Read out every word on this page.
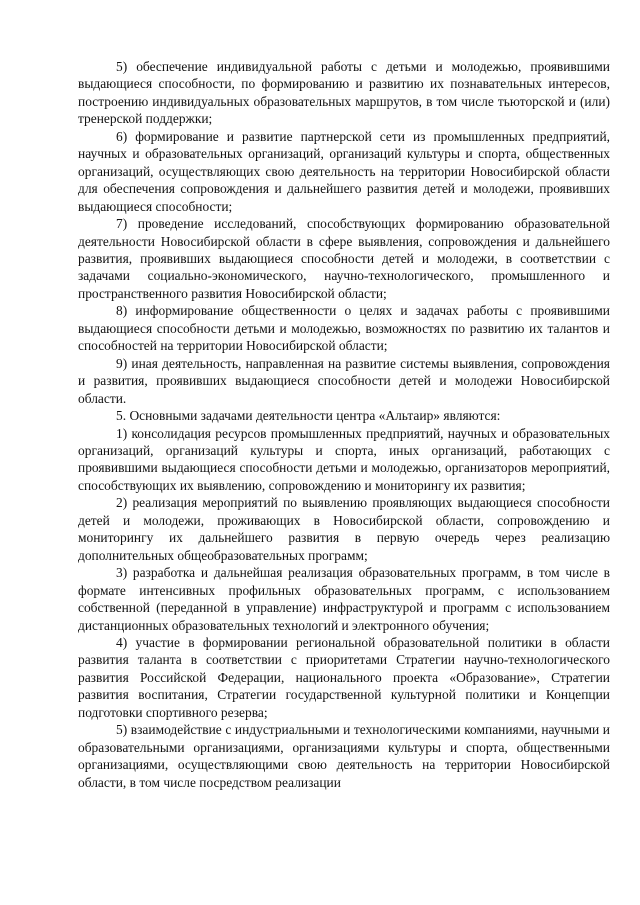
5) обеспечение индивидуальной работы с детьми и молодежью, проявившими выдающиеся способности, по формированию и развитию их познавательных интересов, построению индивидуальных образовательных маршрутов, в том числе тьюторской и (или) тренерской поддержки;

6) формирование и развитие партнерской сети из промышленных предприятий, научных и образовательных организаций, организаций культуры и спорта, общественных организаций, осуществляющих свою деятельность на территории Новосибирской области для обеспечения сопровождения и дальнейшего развития детей и молодежи, проявивших выдающиеся способности;

7) проведение исследований, способствующих формированию образовательной деятельности Новосибирской области в сфере выявления, сопровождения и дальнейшего развития, проявивших выдающиеся способности детей и молодежи, в соответствии с задачами социально-экономического, научно-технологического, промышленного и пространственного развития Новосибирской области;

8) информирование общественности о целях и задачах работы с проявившими выдающиеся способности детьми и молодежью, возможностях по развитию их талантов и способностей на территории Новосибирской области;

9) иная деятельность, направленная на развитие системы выявления, сопровождения и развития, проявивших выдающиеся способности детей и молодежи Новосибирской области.

5. Основными задачами деятельности центра «Альтаир» являются:

1) консолидация ресурсов промышленных предприятий, научных и образовательных организаций, организаций культуры и спорта, иных организаций, работающих с проявившими выдающиеся способности детьми и молодежью, организаторов мероприятий, способствующих их выявлению, сопровождению и мониторингу их развития;

2) реализация мероприятий по выявлению проявляющих выдающиеся способности детей и молодежи, проживающих в Новосибирской области, сопровождению и мониторингу их дальнейшего развития в первую очередь через реализацию дополнительных общеобразовательных программ;

3) разработка и дальнейшая реализация образовательных программ, в том числе в формате интенсивных профильных образовательных программ, с использованием собственной (переданной в управление) инфраструктурой и программ с использованием дистанционных образовательных технологий и электронного обучения;

4) участие в формировании региональной образовательной политики в области развития таланта в соответствии с приоритетами Стратегии научно-технологического развития Российской Федерации, национального проекта «Образование», Стратегии развития воспитания, Стратегии государственной культурной политики и Концепции подготовки спортивного резерва;

5) взаимодействие с индустриальными и технологическими компаниями, научными и образовательными организациями, организациями культуры и спорта, общественными организациями, осуществляющими свою деятельность на территории Новосибирской области, в том числе посредством реализации
